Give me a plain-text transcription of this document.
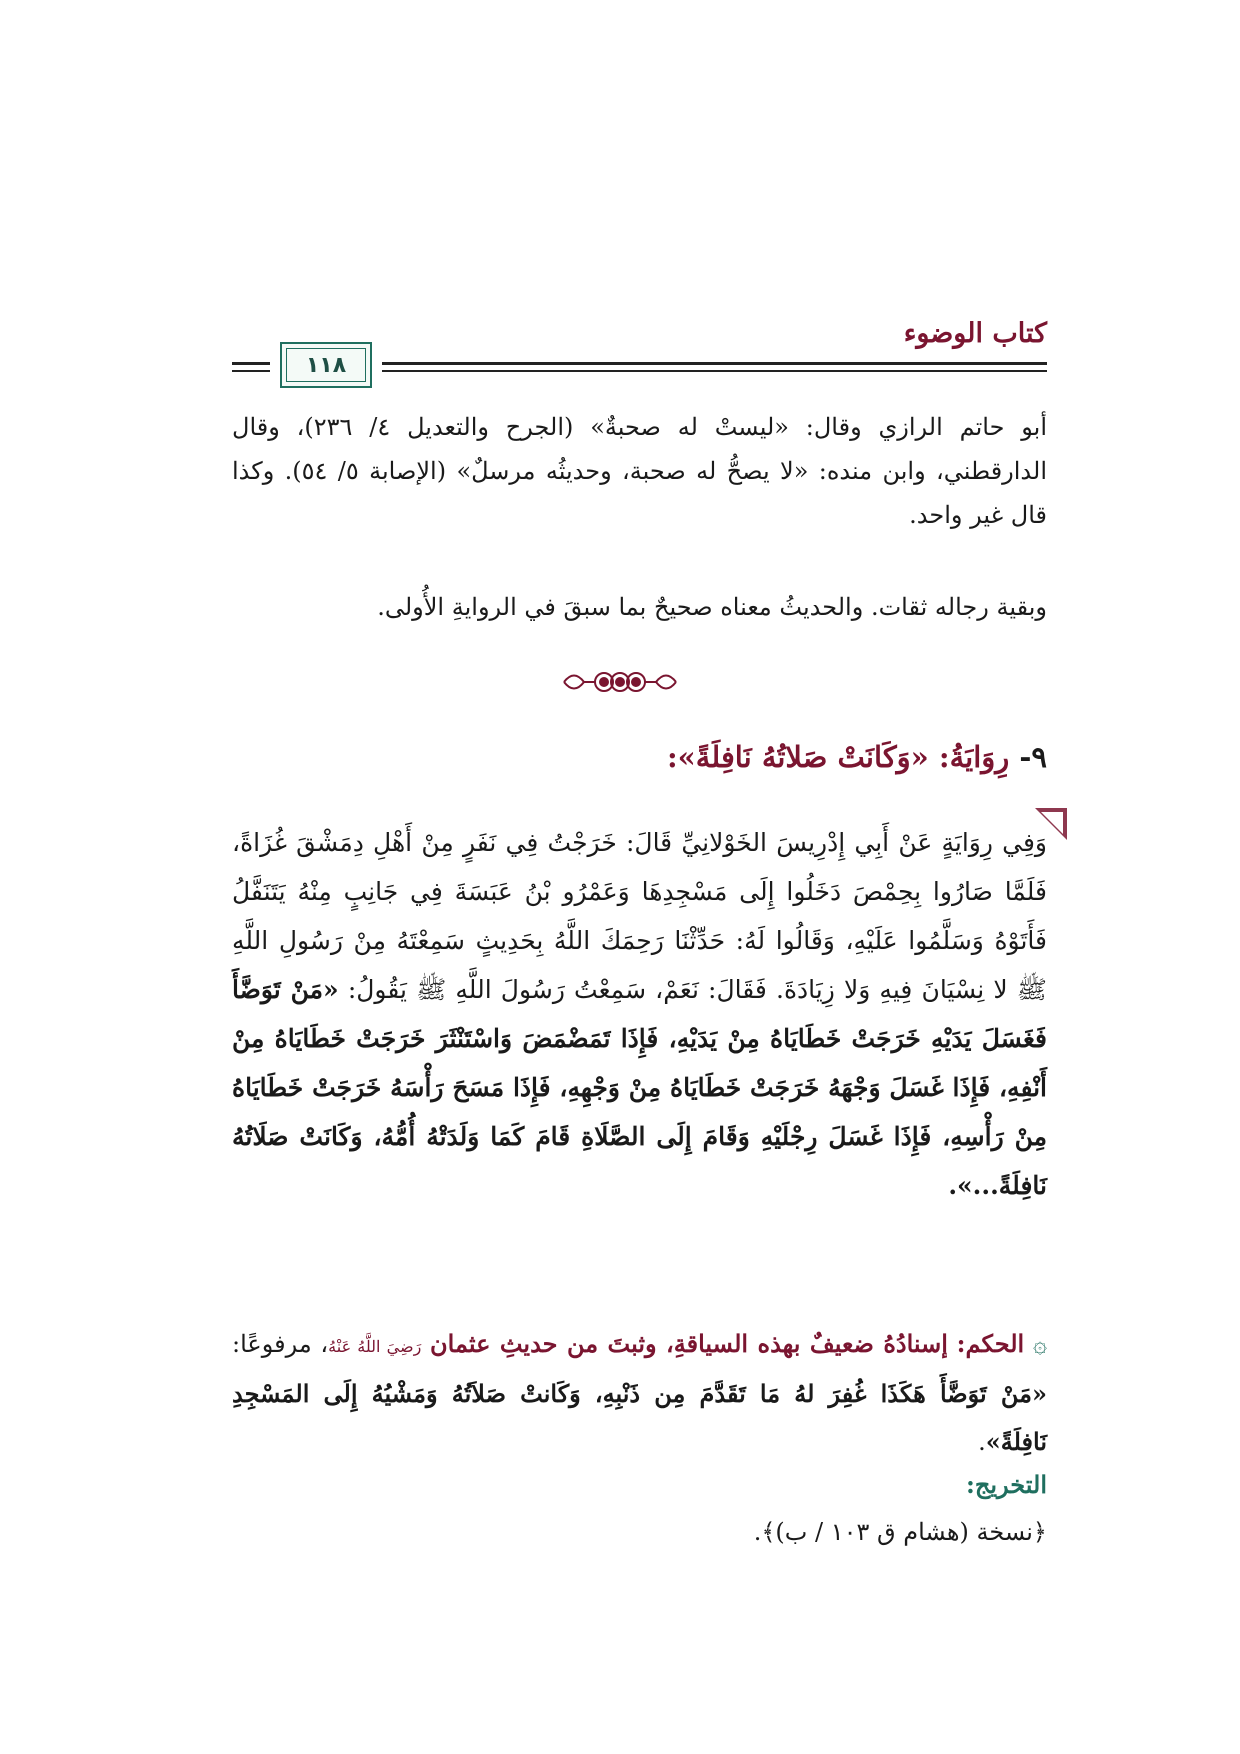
كتاب الوضوء
١١٨

أبو حاتم الرازي وقال: «ليستْ له صحبةٌ» (الجرح والتعديل ٤/ ٢٣٦)، وقال الدارقطني، وابن منده: «لا يصحُّ له صحبة، وحديثُه مرسلٌ» (الإصابة ٥/ ٥٤). وكذا قال غير واحد.

وبقية رجاله ثقات. والحديثُ معناه صحيحٌ بما سبقَ في الروايةِ الأُولى.

٩- رِوَايَةُ: «وَكَانَتْ صَلاتُهُ نَافِلَةً»:
وَفِي رِوَايَةٍ عَنْ أَبِي إِدْرِيسَ الخَوْلانِيِّ قَالَ: خَرَجْتُ فِي نَفَرٍ مِنْ أَهْلِ دِمَشْقَ غُزَاةً، فَلَمَّا صَارُوا بِحِمْصَ دَخَلُوا إِلَى مَسْجِدِهَا وَعَمْرُو بْنُ عَبَسَةَ فِي جَانِبٍ مِنْهُ يَتَنَفَّلُ فَأَتَوْهُ وَسَلَّمُوا عَلَيْهِ، وَقَالُوا لَهُ: حَدِّثْنَا رَحِمَكَ اللَّهُ بِحَدِيثٍ سَمِعْتَهُ مِنْ رَسُولِ اللَّهِ ﷺ لا نِسْيَانَ فِيهِ وَلا زِيَادَةَ. فَقَالَ: نَعَمْ، سَمِعْتُ رَسُولَ اللَّهِ ﷺ يَقُولُ: «مَنْ تَوَضَّأَ فَغَسَلَ يَدَيْهِ خَرَجَتْ خَطَايَاهُ مِنْ يَدَيْهِ، فَإِذَا تَمَضْمَضَ وَاسْتَنْثَرَ خَرَجَتْ خَطَايَاهُ مِنْ أَنْفِهِ، فَإِذَا غَسَلَ وَجْهَهُ خَرَجَتْ خَطَايَاهُ مِنْ وَجْهِهِ، فَإِذَا مَسَحَ رَأْسَهُ خَرَجَتْ خَطَايَاهُ مِنْ رَأْسِهِ، فَإِذَا غَسَلَ رِجْلَيْهِ وَقَامَ إِلَى الصَّلَاةِ قَامَ كَمَا وَلَدَتْهُ أُمُّهُ، وَكَانَتْ صَلَاتُهُ نَافِلَةً...».
۞ الحكم: إسنادُهُ ضعيفٌ بهذه السياقةِ، وثبتَ من حديثِ عثمان رَضِيَ اللَّهُ عَنْهُ، مرفوعًا: «مَنْ تَوَضَّأَ هَكَذَا غُفِرَ لهُ مَا تَقَدَّمَ مِن ذَنْبِهِ، وَكَانتْ صَلاَتُهُ وَمَشْيُهُ إِلَى المَسْجِدِ نَافِلَةً».
التخريج:
﴿نسخة (هشام ق ١٠٣ / ب)﴾.
